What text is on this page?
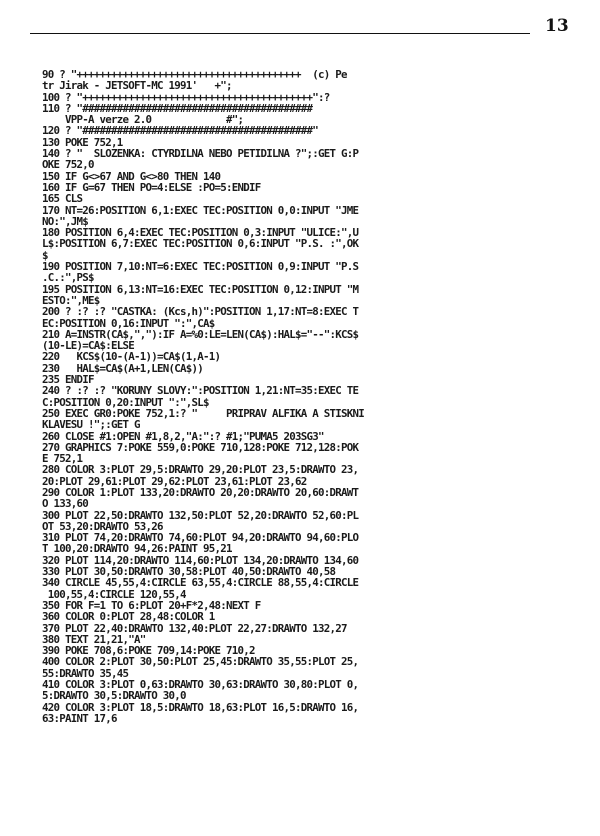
13
90 ? "+++++++++++++++++++++++++++++++++++++++  (c) Pe
tr Jirak - JETSOFT-MC 1991'   +";
100 ? "++++++++++++++++++++++++++++++++++++++++":?
110 ? "########################################
VPP-A verze 2.0             #";
120 ? "########################################"
130 POKE 752,1
140 ? "  SLOZENKA: CTYRDILNA NEBO PETIDILNA ?";:GET G:P
OKE 752,0
150 IF G<>67 AND G<>80 THEN 140
160 IF G=67 THEN PO=4:ELSE :PO=5:ENDIF
165 CLS
170 NT=26:POSITION 6,1:EXEC TEC:POSITION 0,0:INPUT "JME
NO:",JM$
180 POSITION 6,4:EXEC TEC:POSITION 0,3:INPUT "ULICE:",U
L$:POSITION 6,7:EXEC TEC:POSITION 0,6:INPUT "P.S. :",OK
$
190 POSITION 7,10:NT=6:EXEC TEC:POSITION 0,9:INPUT "P.S
.C.:",PS$
195 POSITION 6,13:NT=16:EXEC TEC:POSITION 0,12:INPUT "M
ESTO:",ME$
200 ? :? :? "CASTKA: (Kcs,h)":POSITION 1,17:NT=8:EXEC T
EC:POSITION 0,16:INPUT ":",CA$
210 A=INSTR(CA$,","):IF A=%0:LE=LEN(CA$):HAL$="--":KCS$
(10-LE)=CA$:ELSE
220   KCS$(10-(A-1))=CA$(1,A-1)
230   HAL$=CA$(A+1,LEN(CA$))
235 ENDIF
240 ? :? :? "KORUNY SLOVY:":POSITION 1,21:NT=35:EXEC TE
C:POSITION 0,20:INPUT ":",SL$
250 EXEC GR0:POKE 752,1:? "     PRIPRAV ALFIKA A STISKNI
KLAVESU !";:GET G
260 CLOSE #1:OPEN #1,8,2,"A:":? #1;"PUMA5 203SG3"
270 GRAPHICS 7:POKE 559,0:POKE 710,128:POKE 712,128:POK
E 752,1
280 COLOR 3:PLOT 29,5:DRAWTO 29,20:PLOT 23,5:DRAWTO 23,
20:PLOT 29,61:PLOT 29,62:PLOT 23,61:PLOT 23,62
290 COLOR 1:PLOT 133,20:DRAWTO 20,20:DRAWTO 20,60:DRAWT
O 133,60
300 PLOT 22,50:DRAWTO 132,50:PLOT 52,20:DRAWTO 52,60:PL
OT 53,20:DRAWTO 53,26
310 PLOT 74,20:DRAWTO 74,60:PLOT 94,20:DRAWTO 94,60:PLO
T 100,20:DRAWTO 94,26:PAINT 95,21
320 PLOT 114,20:DRAWTO 114,60:PLOT 134,20:DRAWTO 134,60
330 PLOT 30,50:DRAWTO 30,58:PLOT 40,50:DRAWTO 40,58
340 CIRCLE 45,55,4:CIRCLE 63,55,4:CIRCLE 88,55,4:CIRCLE
100,55,4:CIRCLE 120,55,4
350 FOR F=1 TO 6:PLOT 20+F*2,48:NEXT F
360 COLOR 0:PLOT 28,48:COLOR 1
370 PLOT 22,40:DRAWTO 132,40:PLOT 22,27:DRAWTO 132,27
380 TEXT 21,21,"A"
390 POKE 708,6:POKE 709,14:POKE 710,2
400 COLOR 2:PLOT 30,50:PLOT 25,45:DRAWTO 35,55:PLOT 25,
55:DRAWTO 35,45
410 COLOR 3:PLOT 0,63:DRAWTO 30,63:DRAWTO 30,80:PLOT 0,
5:DRAWTO 30,5:DRAWTO 30,0
420 COLOR 3:PLOT 18,5:DRAWTO 18,63:PLOT 16,5:DRAWTO 16,
63:PAINT 17,6
